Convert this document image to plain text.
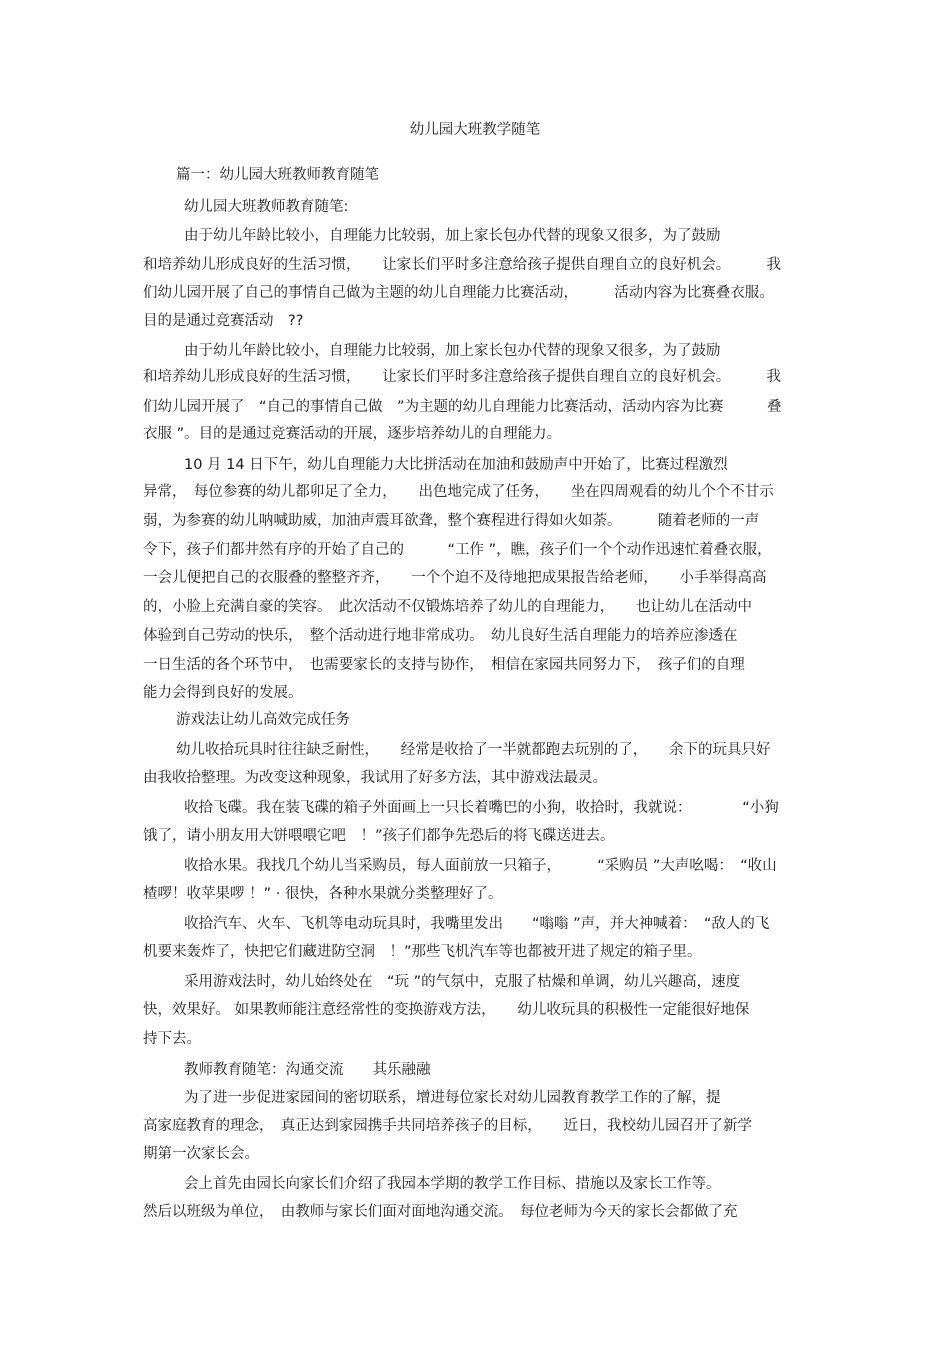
幼儿园大班教学随笔
篇一：幼儿园大班教师教育随笔
幼儿园大班教师教育随笔:
由于幼儿年龄比较小，自理能力比较弱，加上家长包办代替的现象又很多，为了鼓励
和培养幼儿形成良好的生活习惯，　　让家长们平时多注意给孩子提供自理自立的良好机会。　　　我
们幼儿园开展了自己的事情自己做为主题的幼儿自理能力比赛活动，　　　活动内容为比赛叠衣服。
目的是通过竞赛活动　??
由于幼儿年龄比较小，自理能力比较弱，加上家长包办代替的现象又很多，为了鼓励
和培养幼儿形成良好的生活习惯，　　让家长们平时多注意给孩子提供自理自立的良好机会。　　　我
们幼儿园开展了　“自己的事情自己做　”为主题的幼儿自理能力比赛活动，活动内容为比赛　　　叠
衣服 ”。目的是通过竞赛活动的开展，逐步培养幼儿的自理能力。
10 月 14 日下午，幼儿自理能力大比拼活动在加油和鼓励声中开始了，比赛过程激烈
异常，　每位参赛的幼儿都卯足了全力，　　出色地完成了任务，　　坐在四周观看的幼儿个个不甘示
弱，为参赛的幼儿呐喊助威，加油声震耳欲聋，整个赛程进行得如火如荼。　　　随着老师的一声
令下，孩子们都井然有序的开始了自己的　　　“工作 ”，瞧，孩子们一个个动作迅速忙着叠衣服，
一会儿便把自己的衣服叠的整整齐齐，　　一个个迫不及待地把成果报告给老师，　　小手举得高高
的，小脸上充满自豪的笑容。　此次活动不仅锻炼培养了幼儿的自理能力，　　也让幼儿在活动中
体验到自己劳动的快乐，　整个活动进行地非常成功。　幼儿良好生活自理能力的培养应渗透在
一日生活的各个环节中，　也需要家长的支持与协作，　相信在家园共同努力下，　孩子们的自理
能力会得到良好的发展。
游戏法让幼儿高效完成任务
幼儿收拾玩具时往往缺乏耐性，　　经常是收拾了一半就都跑去玩别的了，　　余下的玩具只好
由我收拾整理。为改变这种现象，我试用了好多方法，其中游戏法最灵。
收拾飞碟。我在装飞碟的箱子外面画上一只长着嘴巴的小狗，收拾时，我就说：　　　　“小狗
饿了，请小朋友用大饼喂喂它吧　！”孩子们都争先恐后的将飞碟送进去。
收拾水果。我找几个幼儿当采购员，每人面前放一只箱子，　　　“采购员 ”大声吆喝：　“收山
楂啰！收苹果啰 ！” · 很快，各种水果就分类整理好了。
收拾汽车、火车、飞机等电动玩具时，我嘴里发出　　“嗡嗡 ”声，并大神喊着：　“敌人的飞
机要来轰炸了，快把它们藏进防空洞　！”那些飞机汽车等也都被开进了规定的箱子里。
采用游戏法时，幼儿始终处在　“玩 ”的气氛中，克服了枯燥和单调，幼儿兴趣高，速度
快，效果好。 如果教师能注意经常性的变换游戏方法，　　幼儿收玩具的积极性一定能很好地保
持下去。
教师教育随笔：沟通交流　　其乐融融
为了进一步促进家园间的密切联系，增进每位家长对幼儿园教育教学工作的了解，提
高家庭教育的理念，　真正达到家园携手共同培养孩子的目标，　　近日，我校幼儿园召开了新学
期第一次家长会。
会上首先由园长向家长们介绍了我园本学期的教学工作目标、措施以及家长工作等。
然后以班级为单位，　由教师与家长们面对面地沟通交流。　每位老师为今天的家长会都做了充
